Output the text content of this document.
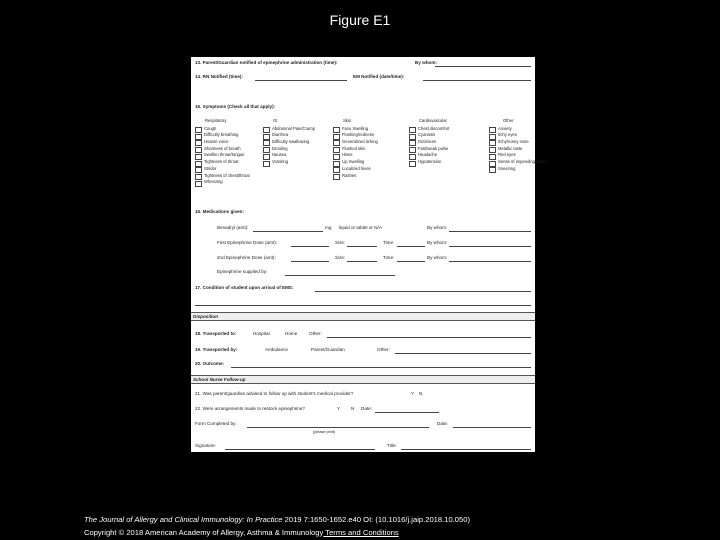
Figure E1
13. Parent/Guardian notified of epinephrine administration (time):	By whom:
14. RN Notified (time):	EM Notified (date/time):
15. Symptoms (Check all that apply):
Respiratory
Cough
Difficulty breathing
Hoarse voice
Shortness of breath
Swollen throat/tongue
Tightness of throat
Stridor
Tightness of chest/throat
Wheezing
GI
Abdominal Pain/Cramp
Diarrhea
Difficulty swallowing
Drooling
Nausea
Vomiting
Skin
Face Swelling
Flushing/redness
Generalized itching
Flushed skin
Hives
Lip Swelling
Localized hives
Rashes
Cardiovascular
Chest discomfort
Cyanosis
Dizziness
Fast/weak pulse
Headache
Hypotension
Other
Anxiety
Itchy eyes
Itchy/runny nose
Metallic taste
Red eyes
Sense of impending doom
Sneezing
16. Medications given:
Benadryl (amt):	mg liquid or tablet or N/A	By whom:
First Epinephrine Dose (amt):	Size:	Time:	By whom:
2nd Epinephrine Dose (amt):	Size:	Time:	By whom:
Epinephrine supplied by:
17. Condition of student upon arrival of EMS:
Disposition
18. Transported to:	Hospital	Home	Other:
19. Transported by:	Ambulance	Parent/Guardian	Other:
20. Outcome:
School Nurse Follow-up
21. Was parent/guardian advised to follow up with student's medical provider?	Y N
22. Were arrangements made to restock epinephrine?	Y N Date:
Form Completed by:	Date:
(please print)
Signature:	Title:
The Journal of Allergy and Clinical Immunology: In Practice 2019 7:1650-1652.e40 OI: (10.1016/j.jaip.2018.10.050)
Copyright © 2018 American Academy of Allergy, Asthma & Immunology Terms and Conditions
